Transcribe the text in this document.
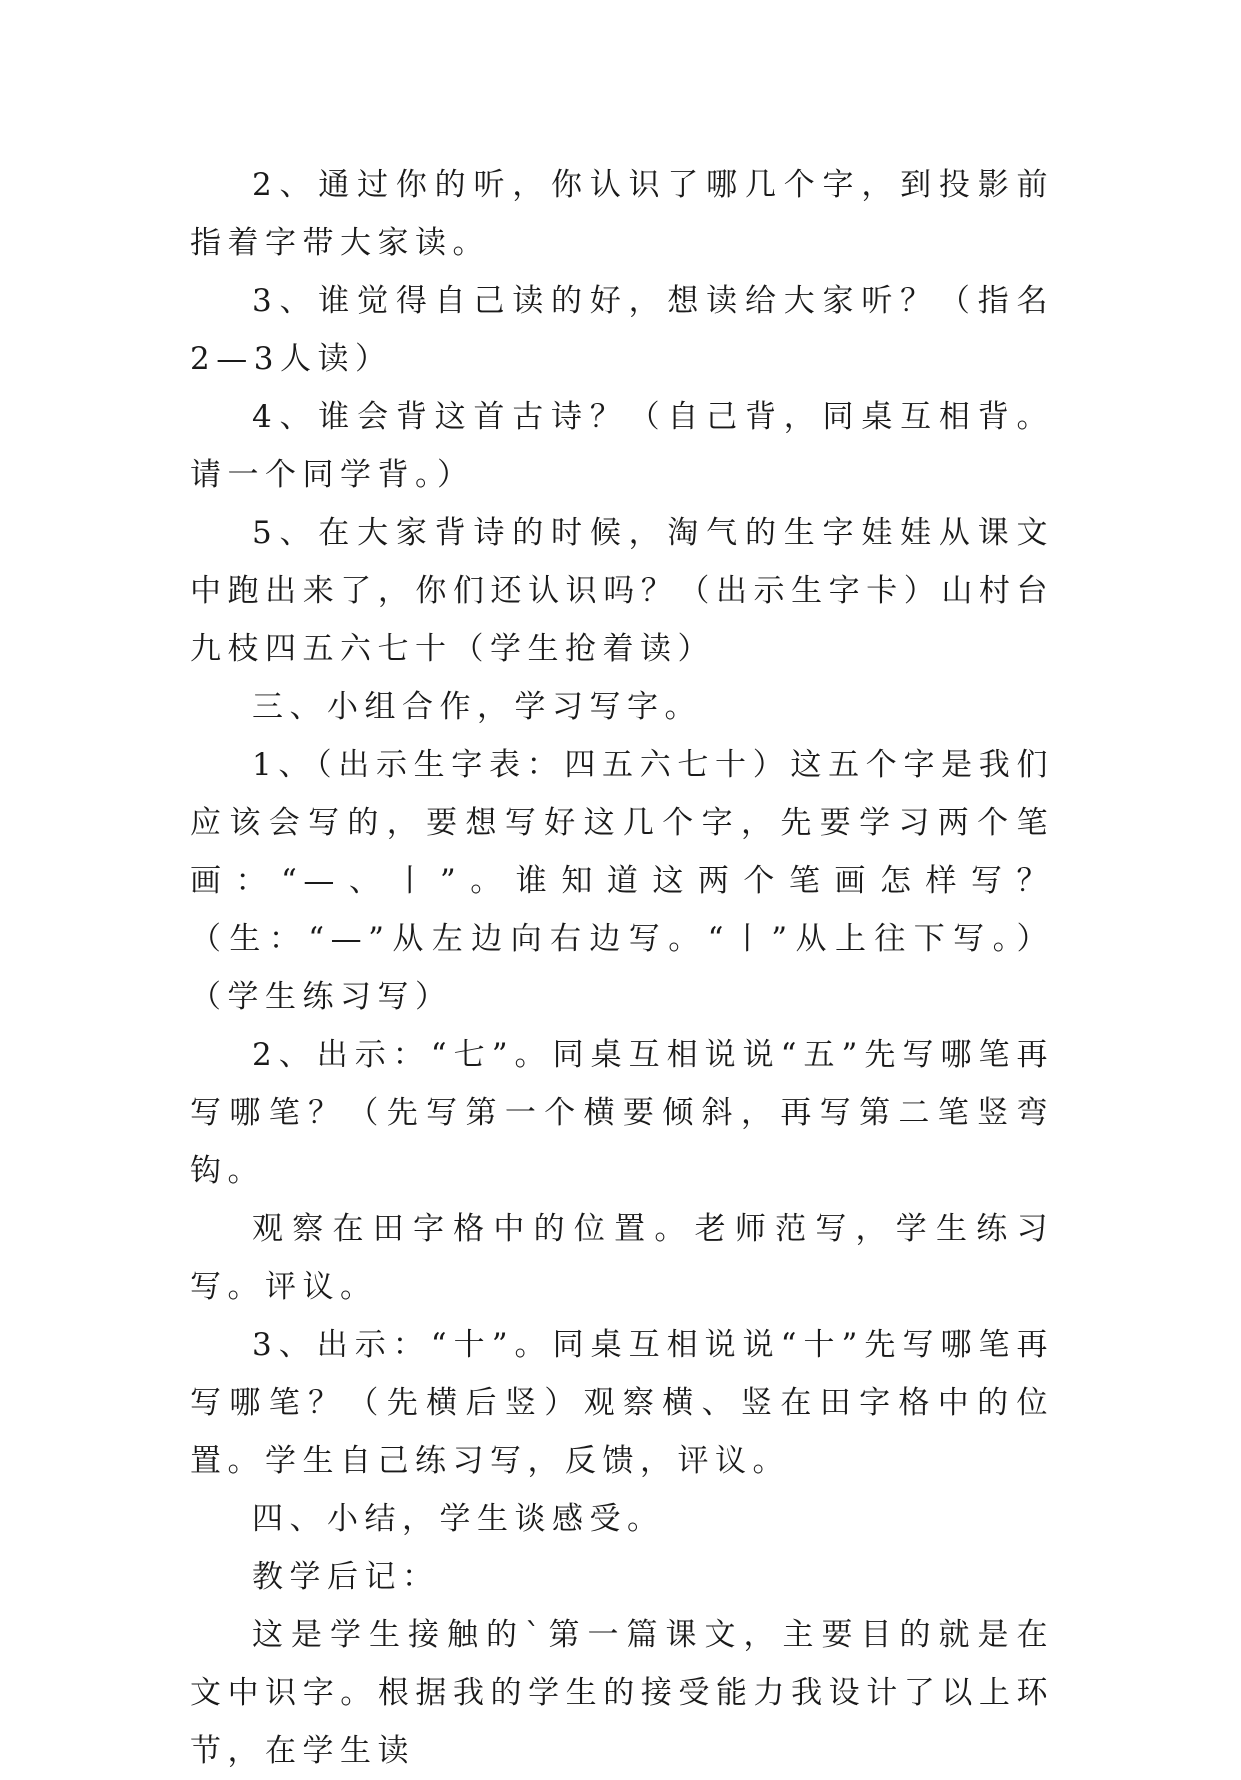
2、通过你的听，你认识了哪几个字，到投影前指着字带大家读。

3、谁觉得自己读的好，想读给大家听？（指名2—3人读）

4、谁会背这首古诗？（自己背，同桌互相背。请一个同学背。）

5、在大家背诗的时候，淘气的生字娃娃从课文中跑出来了，你们还认识吗？（出示生字卡）山村台九枝四五六七十（学生抢着读）

三、小组合作，学习写字。

1、（出示生字表：四五六七十）这五个字是我们应该会写的，要想写好这几个字，先要学习两个笔画：“—、丨”。谁知道这两个笔画怎样写？（生：“—”从左边向右边写。“丨”从上往下写。）（学生练习写）

2、出示：“七”。同桌互相说说“五”先写哪笔再写哪笔？（先写第一个横要倾斜，再写第二笔竖弯钩。

观察在田字格中的位置。老师范写，学生练习写。评议。

3、出示：“十”。同桌互相说说“十”先写哪笔再写哪笔？（先横后竖）观察横、竖在田字格中的位置。学生自己练习写，反馈，评议。

四、小结，学生谈感受。

教学后记：

这是学生接触的`第一篇课文，主要目的就是在文中识字。根据我的学生的接受能力我设计了以上环节，在学生读
